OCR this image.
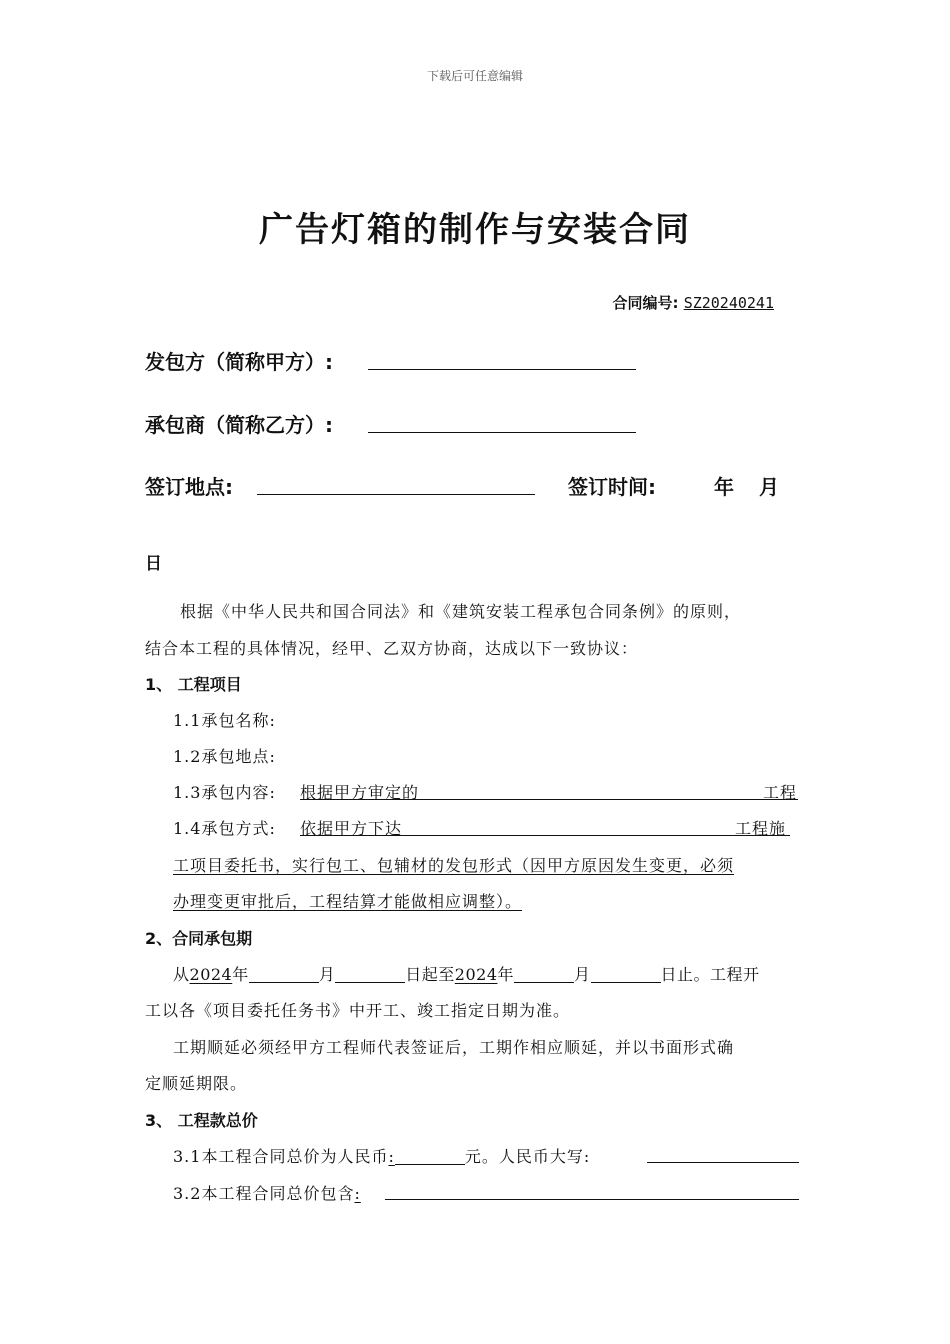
下载后可任意编辑
广告灯箱的制作与安装合同
合同编号: SZ20240241
发包方（简称甲方）:
承包商（简称乙方）:
签订地点:	签订时间:	年 月
日
根据《中华人民共和国合同法》和《建筑安装工程承包合同条例》的原则，
结合本工程的具体情况，经甲、乙双方协商，达成以下一致协议：
1、 工程项目
1.1承包名称:
1.2承包地点:
1.3承包内容: 根据甲方审定的	工程
1.4承包方式: 依据甲方下达	工程施
工项目委托书，实行包工、包辅材的发包形式（因甲方原因发生变更，必须
办理变更审批后，工程结算才能做相应调整）。
2、合同承包期
从2024年	月	日起至2024年	月	日止。工程开
工以各《项目委托任务书》中开工、竣工指定日期为准。
工期顺延必须经甲方工程师代表签证后，工期作相应顺延，并以书面形式确
定顺延期限。
3、 工程款总价
3.1本工程合同总价为人民币:	元。人民币大写:
3.2本工程合同总价包含:
